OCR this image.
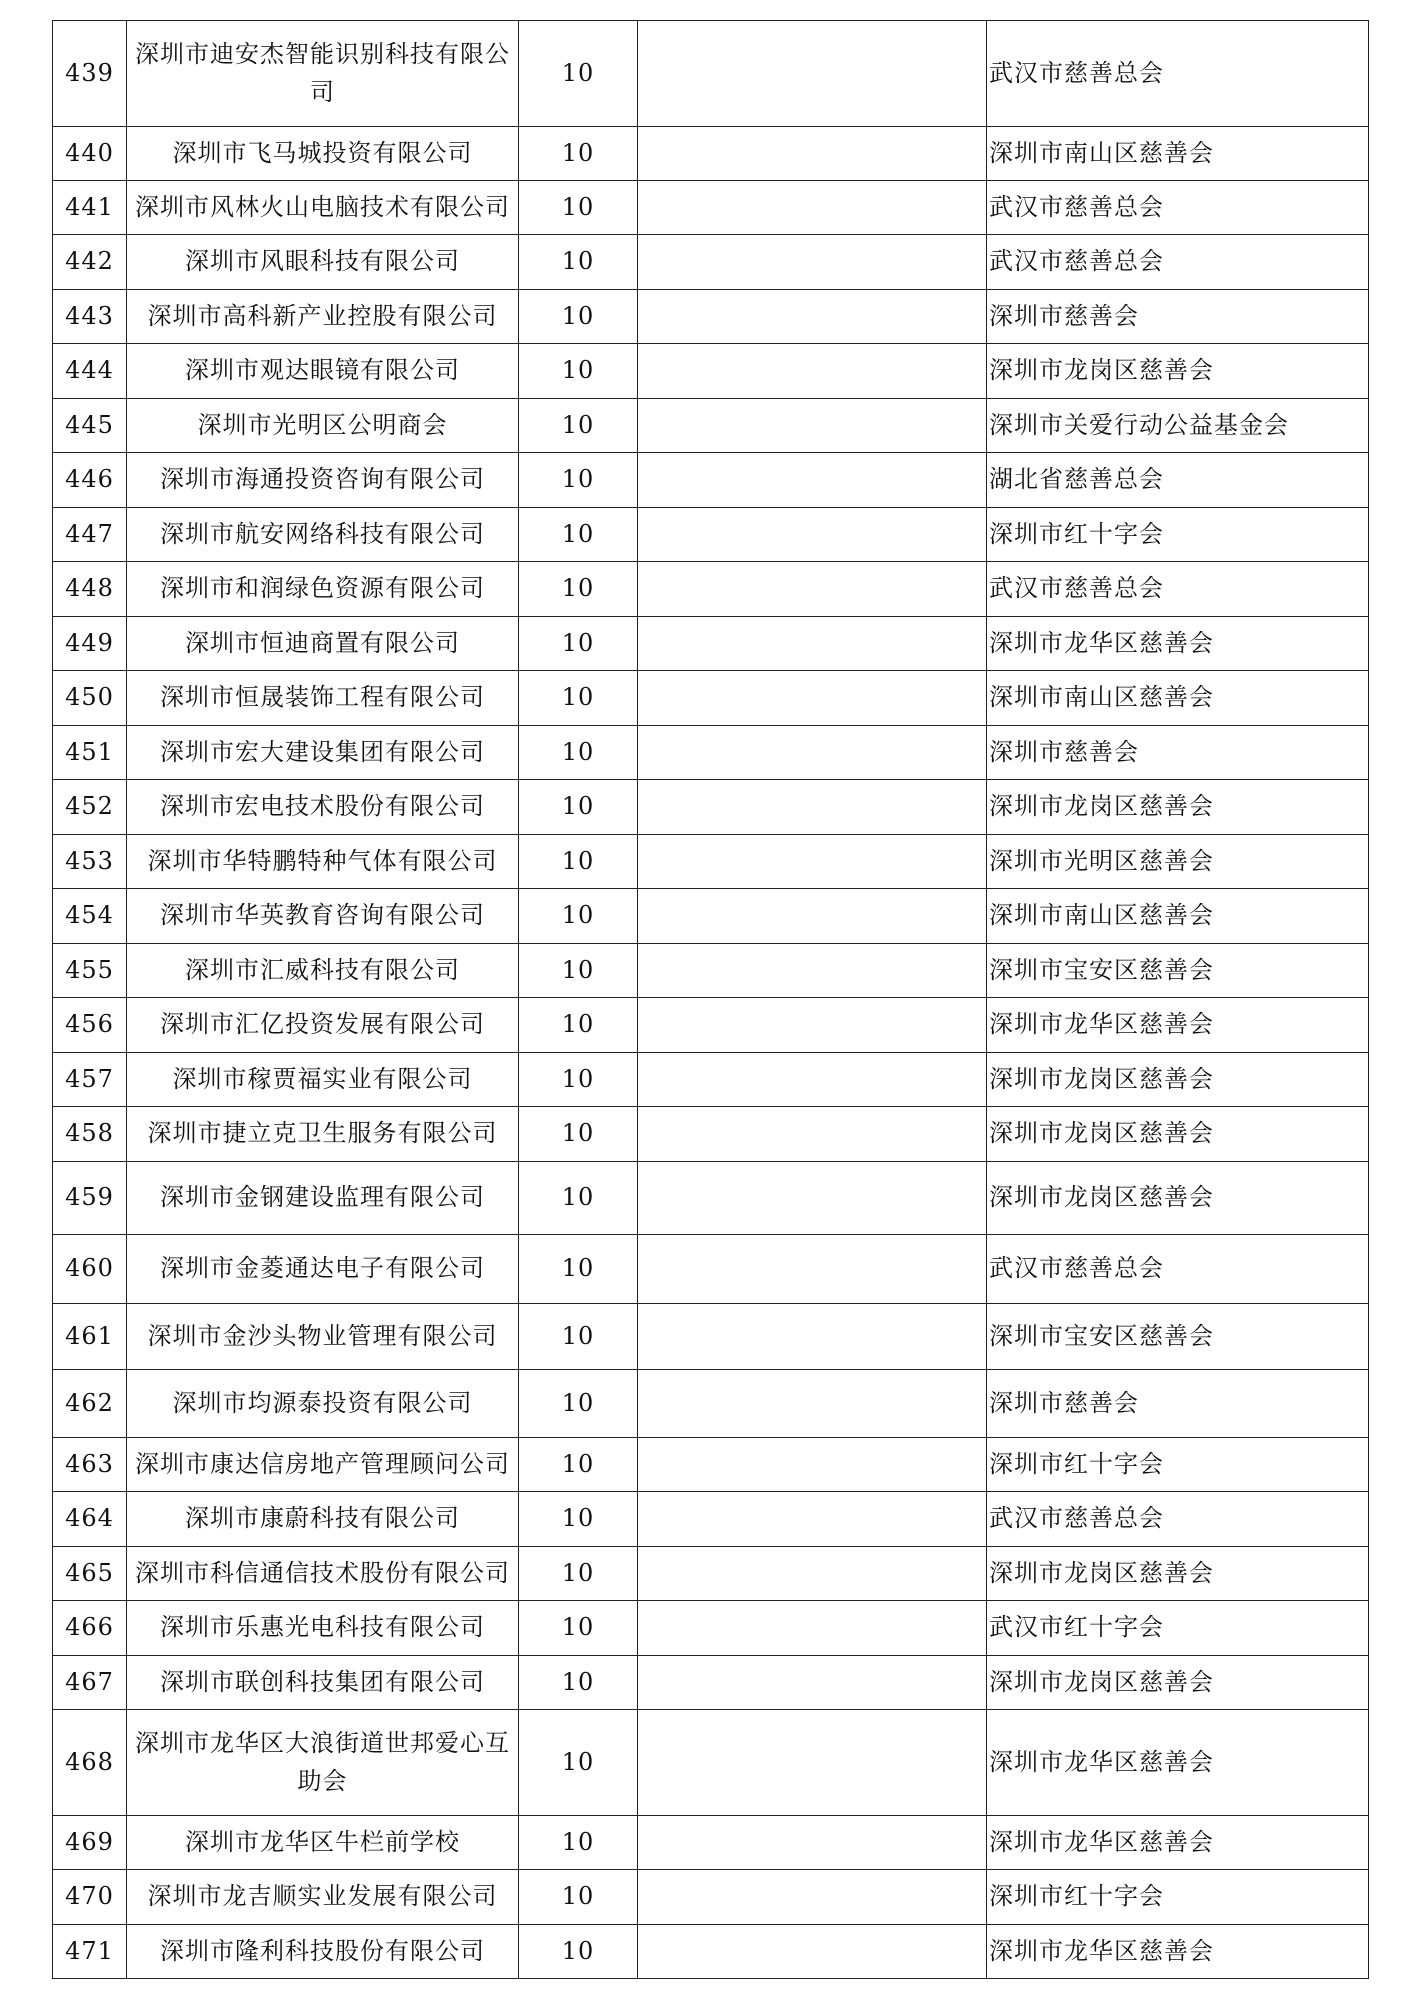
439	深圳市迪安杰智能识别科技有限公司	10		武汉市慈善总会
440	深圳市飞马城投资有限公司	10		深圳市南山区慈善会
441	深圳市风林火山电脑技术有限公司	10		武汉市慈善总会
442	深圳市风眼科技有限公司	10		武汉市慈善总会
443	深圳市高科新产业控股有限公司	10		深圳市慈善会
444	深圳市观达眼镜有限公司	10		深圳市龙岗区慈善会
445	深圳市光明区公明商会	10		深圳市关爱行动公益基金会
446	深圳市海通投资咨询有限公司	10		湖北省慈善总会
447	深圳市航安网络科技有限公司	10		深圳市红十字会
448	深圳市和润绿色资源有限公司	10		武汉市慈善总会
449	深圳市恒迪商置有限公司	10		深圳市龙华区慈善会
450	深圳市恒晟装饰工程有限公司	10		深圳市南山区慈善会
451	深圳市宏大建设集团有限公司	10		深圳市慈善会
452	深圳市宏电技术股份有限公司	10		深圳市龙岗区慈善会
453	深圳市华特鹏特种气体有限公司	10		深圳市光明区慈善会
454	深圳市华英教育咨询有限公司	10		深圳市南山区慈善会
455	深圳市汇威科技有限公司	10		深圳市宝安区慈善会
456	深圳市汇亿投资发展有限公司	10		深圳市龙华区慈善会
457	深圳市稼贾福实业有限公司	10		深圳市龙岗区慈善会
458	深圳市捷立克卫生服务有限公司	10		深圳市龙岗区慈善会
459	深圳市金钢建设监理有限公司	10		深圳市龙岗区慈善会
460	深圳市金菱通达电子有限公司	10		武汉市慈善总会
461	深圳市金沙头物业管理有限公司	10		深圳市宝安区慈善会
462	深圳市均源泰投资有限公司	10		深圳市慈善会
463	深圳市康达信房地产管理顾问公司	10		深圳市红十字会
464	深圳市康蔚科技有限公司	10		武汉市慈善总会
465	深圳市科信通信技术股份有限公司	10		深圳市龙岗区慈善会
466	深圳市乐惠光电科技有限公司	10		武汉市红十字会
467	深圳市联创科技集团有限公司	10		深圳市龙岗区慈善会
468	深圳市龙华区大浪街道世邦爱心互助会	10		深圳市龙华区慈善会
469	深圳市龙华区牛栏前学校	10		深圳市龙华区慈善会
470	深圳市龙吉顺实业发展有限公司	10		深圳市红十字会
471	深圳市隆利科技股份有限公司	10		深圳市龙华区慈善会
